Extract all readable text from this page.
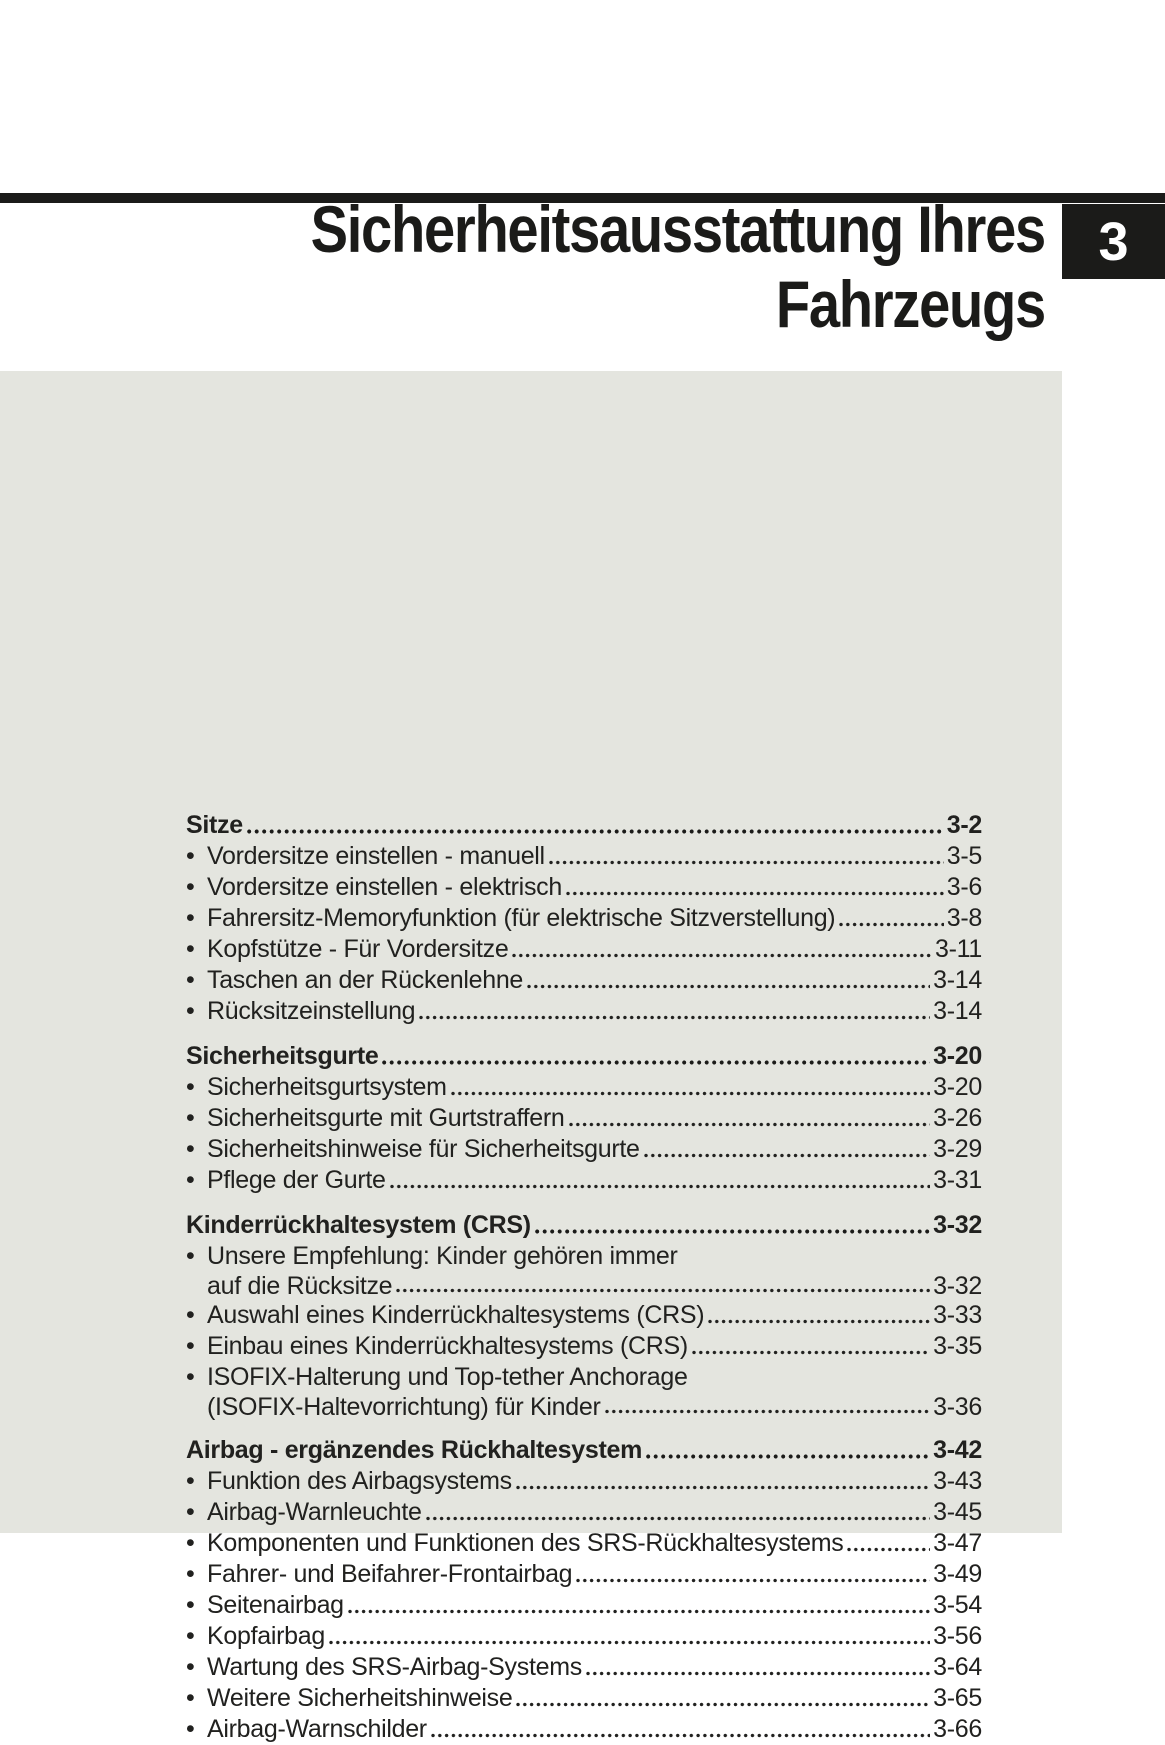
Sicherheitsausstattung Ihres
Fahrzeugs
3
Sitze	3-2
• Vordersitze einstellen - manuell	3-5
• Vordersitze einstellen - elektrisch	3-6
• Fahrersitz-Memoryfunktion (für elektrische Sitzverstellung)	3-8
• Kopfstütze - Für Vordersitze	3-11
• Taschen an der Rückenlehne	3-14
• Rücksitzeinstellung	3-14
Sicherheitsgurte	3-20
• Sicherheitsgurtsystem	3-20
• Sicherheitsgurte mit Gurtstraffern	3-26
• Sicherheitshinweise für Sicherheitsgurte	3-29
• Pflege der Gurte	3-31
Kinderrückhaltesystem (CRS)	3-32
• Unsere Empfehlung: Kinder gehören immer
auf die Rücksitze	3-32
• Auswahl eines Kinderrückhaltesystems (CRS)	3-33
• Einbau eines Kinderrückhaltesystems (CRS)	3-35
• ISOFIX-Halterung und Top-tether Anchorage
(ISOFIX-Haltevorrichtung) für Kinder	3-36
Airbag - ergänzendes Rückhaltesystem	3-42
• Funktion des Airbagsystems	3-43
• Airbag-Warnleuchte	3-45
• Komponenten und Funktionen des SRS-Rückhaltesystems	3-47
• Fahrer- und Beifahrer-Frontairbag	3-49
• Seitenairbag	3-54
• Kopfairbag	3-56
• Wartung des SRS-Airbag-Systems	3-64
• Weitere Sicherheitshinweise	3-65
• Airbag-Warnschilder	3-66
